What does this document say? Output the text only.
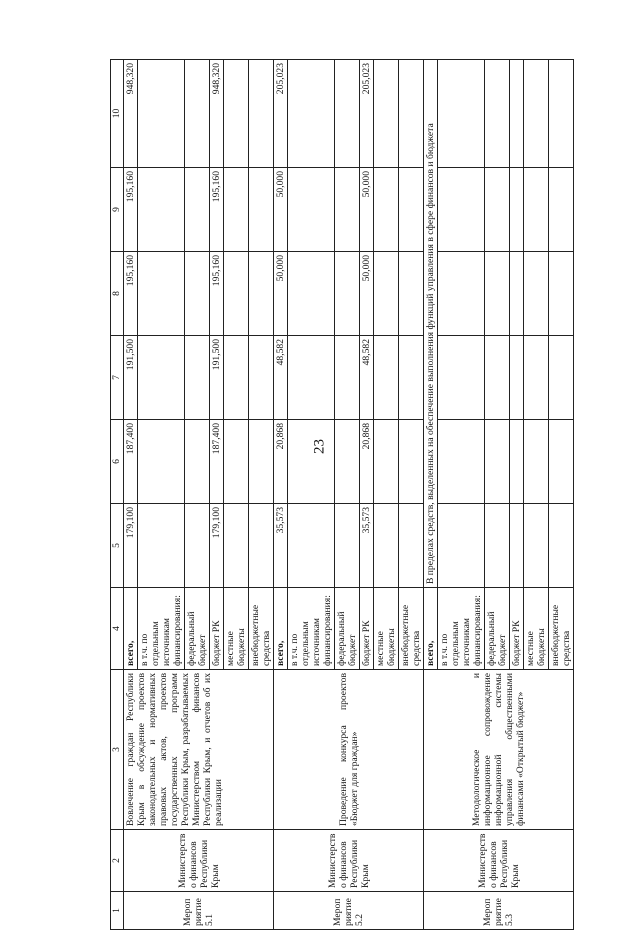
23
1	2	3	4	5	6	7	8	9	10
Мероприятие 5.1	Министерство финансов Республики Крым	Вовлечение граждан Республики Крым в обсуждение проектов законодательных и нормативных правовых актов, проектов государственных программ Республики Крым, разрабатываемых Министерством финансов Республики Крым, и отчетов об их реализации	всего,	179,100	187,400	191,500	195,160	195,160	948,320
			в т.ч. по отдельным источникам финансирования:						
			федеральный бюджет						
			бюджет РК	179,100	187,400	191,500	195,160	195,160	948,320
			местные бюджеты						
			внебюджетные средства						
Мероприятие 5.2	Министерство финансов Республики Крым	Проведение конкурса проектов «Бюджет для граждан»	всего,	35,573	20,868	48,582	50,000	50,000	205,023
			в т.ч. по отдельным источникам финансирования:						
			федеральный бюджет						
			бюджет РК	35,573	20,868	48,582	50,000	50,000	205,023
			местные бюджеты						
			внебюджетные средства						
Мероприятие 5.3	Министерство финансов Республики Крым	Методологическое и информационное сопровождение информационной системы управления общественными финансами «Открытый бюджет»	всего,	В пределах средств, выделенных на обеспечение выполнения функций управления в сфере финансов и бюджета					
			в т.ч. по отдельным источникам финансирования:						
			федеральный бюджет						
			бюджет РК						
			местные бюджеты						
			внебюджетные средства						
